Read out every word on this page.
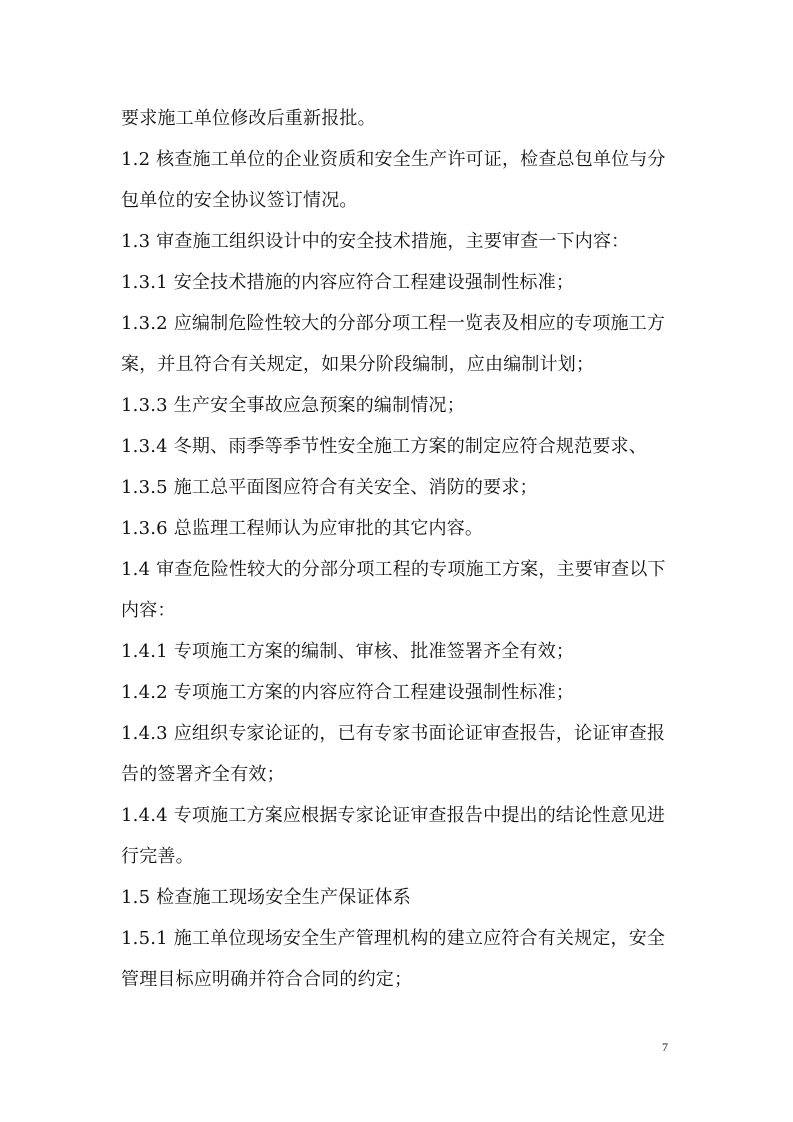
要求施工单位修改后重新报批。
1.2 核查施工单位的企业资质和安全生产许可证，检查总包单位与分
包单位的安全协议签订情况。
1.3 审查施工组织设计中的安全技术措施，主要审查一下内容：
1.3.1 安全技术措施的内容应符合工程建设强制性标准；
1.3.2 应编制危险性较大的分部分项工程一览表及相应的专项施工方
案，并且符合有关规定，如果分阶段编制，应由编制计划；
1.3.3 生产安全事故应急预案的编制情况；
1.3.4 冬期、雨季等季节性安全施工方案的制定应符合规范要求、
1.3.5 施工总平面图应符合有关安全、消防的要求；
1.3.6 总监理工程师认为应审批的其它内容。
1.4 审查危险性较大的分部分项工程的专项施工方案，主要审查以下
内容：
1.4.1 专项施工方案的编制、审核、批准签署齐全有效；
1.4.2 专项施工方案的内容应符合工程建设强制性标准；
1.4.3 应组织专家论证的，已有专家书面论证审查报告，论证审查报
告的签署齐全有效；
1.4.4 专项施工方案应根据专家论证审查报告中提出的结论性意见进
行完善。
1.5 检查施工现场安全生产保证体系
1.5.1 施工单位现场安全生产管理机构的建立应符合有关规定，安全
管理目标应明确并符合合同的约定；
7
